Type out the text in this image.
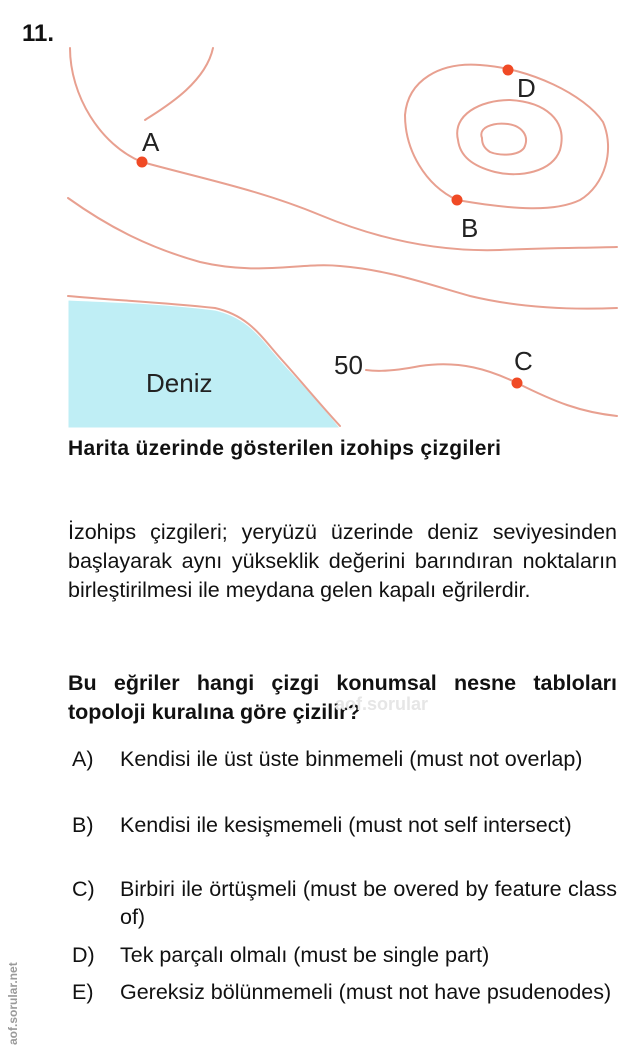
11.
A
B
C
D
50
Deniz
Harita üzerinde gösterilen izohips çizgileri
İzohips çizgileri; yeryüzü üzerinde deniz seviyesinden başlayarak aynı yükseklik değerini barındıran noktaların birleştirilmesi ile meydana gelen kapalı eğrilerdir.
Bu eğriler hangi çizgi konumsal nesne tabloları topoloji kuralına göre çizilir?
aof.sorular
A)	Kendisi ile üst üste binmemeli (must not overlap)
B)	Kendisi ile kesişmemeli (must not self intersect)
C)	Birbiri ile örtüşmeli (must be overed by feature class of)
D)	Tek parçalı olmalı (must be single part)
E)	Gereksiz bölünmemeli (must not have psudenodes)
aof.sorular.net
